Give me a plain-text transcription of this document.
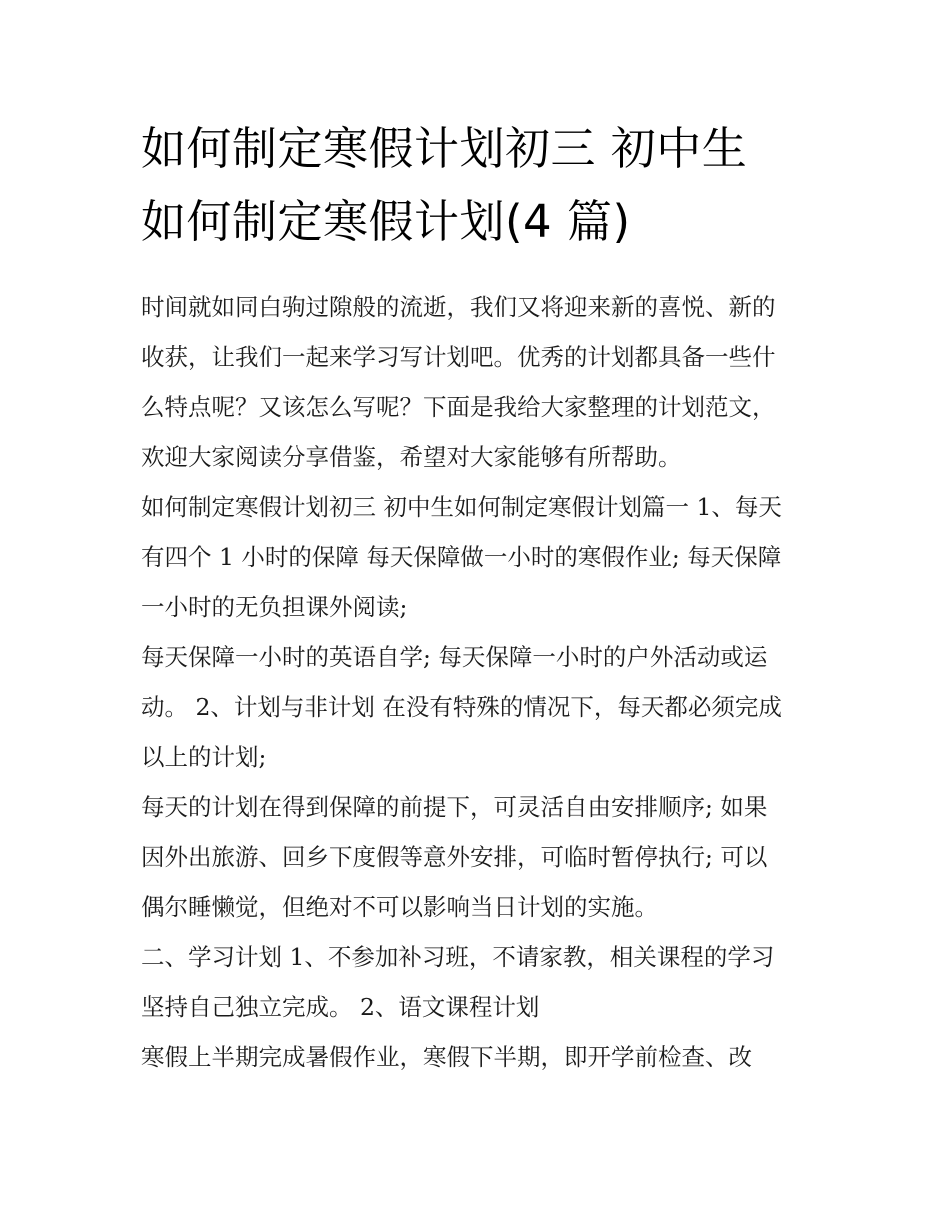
如何制定寒假计划初三 初中生
如何制定寒假计划(4 篇)

时间就如同白驹过隙般的流逝，我们又将迎来新的喜悦、新的
收获，让我们一起来学习写计划吧。优秀的计划都具备一些什
么特点呢？又该怎么写呢？下面是我给大家整理的计划范文，
欢迎大家阅读分享借鉴，希望对大家能够有所帮助。

如何制定寒假计划初三 初中生如何制定寒假计划篇一 1、每天
有四个 1 小时的保障 每天保障做一小时的寒假作业; 每天保障
一小时的无负担课外阅读;

每天保障一小时的英语自学; 每天保障一小时的户外活动或运
动。 2、计划与非计划 在没有特殊的情况下，每天都必须完成
以上的计划;

每天的计划在得到保障的前提下，可灵活自由安排顺序; 如果
因外出旅游、回乡下度假等意外安排，可临时暂停执行; 可以
偶尔睡懒觉，但绝对不可以影响当日计划的实施。

二、学习计划 1、不参加补习班，不请家教，相关课程的学习
坚持自己独立完成。 2、语文课程计划

寒假上半期完成暑假作业，寒假下半期，即开学前检查、改
